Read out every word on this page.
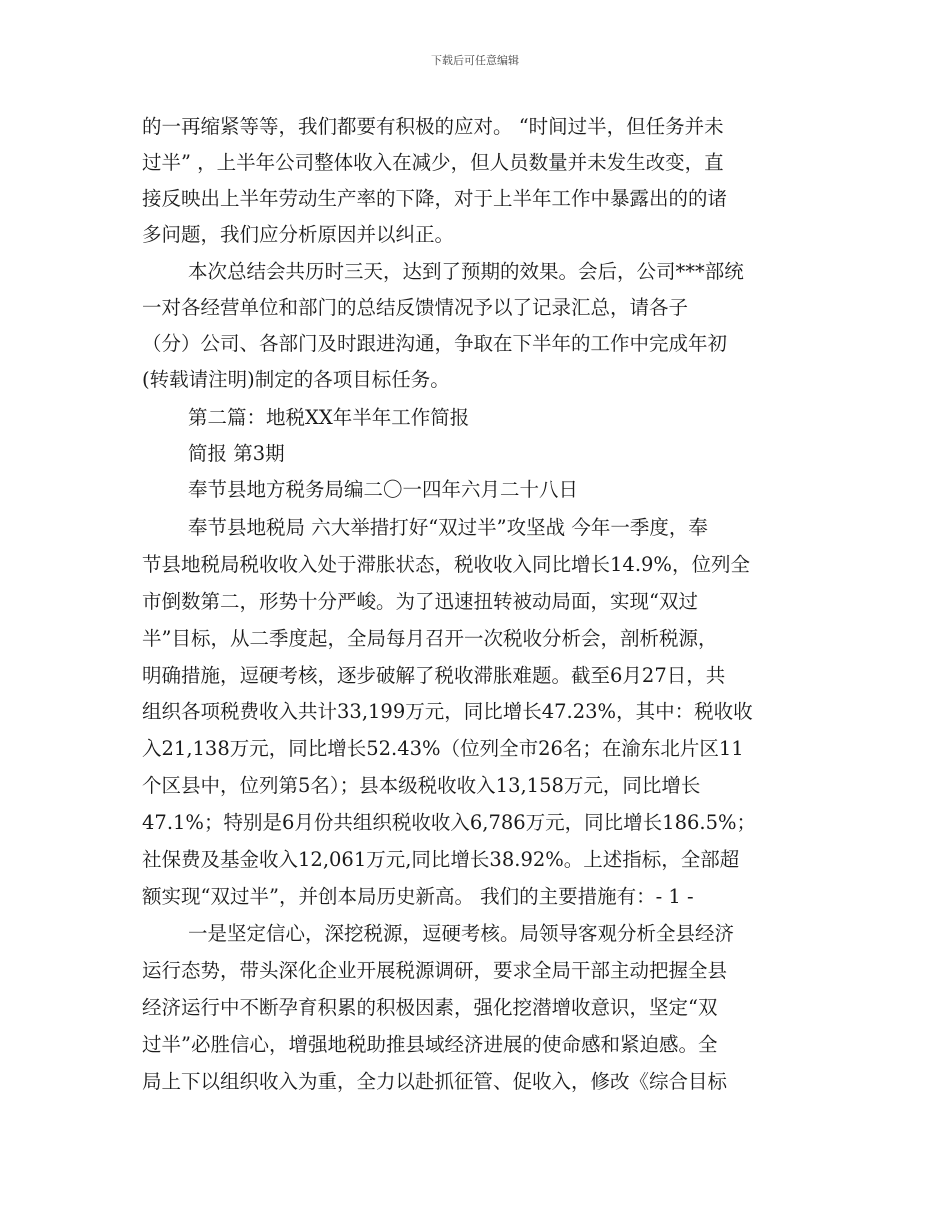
下载后可任意编辑
的一再缩紧等等，我们都要有积极的应对。 “时间过半，但任务并未
过半” ，上半年公司整体收入在减少，但人员数量并未发生改变，直
接反映出上半年劳动生产率的下降，对于上半年工作中暴露出的的诸
多问题，我们应分析原因并以纠正。
本次总结会共历时三天，达到了预期的效果。会后，公司***部统
一对各经营单位和部门的总结反馈情况予以了记录汇总，请各子
（分）公司、各部门及时跟进沟通，争取在下半年的工作中完成年初
(转载请注明)制定的各项目标任务。
第二篇：地税XX年半年工作简报
简报 第3期
奉节县地方税务局编二〇一四年六月二十八日
奉节县地税局 六大举措打好“双过半”攻坚战 今年一季度，奉
节县地税局税收收入处于滞胀状态，税收收入同比增长14.9%，位列全
市倒数第二，形势十分严峻。为了迅速扭转被动局面，实现“双过
半”目标，从二季度起，全局每月召开一次税收分析会，剖析税源，
明确措施，逗硬考核，逐步破解了税收滞胀难题。截至6月27日，共
组织各项税费收入共计33,199万元，同比增长47.23%，其中：税收收
入21,138万元，同比增长52.43%（位列全市26名；在渝东北片区11
个区县中，位列第5名）；县本级税收收入13,158万元，同比增长
47.1%；特别是6月份共组织税收收入6,786万元，同比增长186.5%；
社保费及基金收入12,061万元,同比增长38.92%。上述指标，全部超
额实现“双过半”，并创本局历史新高。 我们的主要措施有：- 1 -
一是坚定信心，深挖税源，逗硬考核。局领导客观分析全县经济
运行态势，带头深化企业开展税源调研，要求全局干部主动把握全县
经济运行中不断孕育积累的积极因素，强化挖潜增收意识，坚定“双
过半”必胜信心，增强地税助推县域经济进展的使命感和紧迫感。全
局上下以组织收入为重，全力以赴抓征管、促收入，修改《综合目标
